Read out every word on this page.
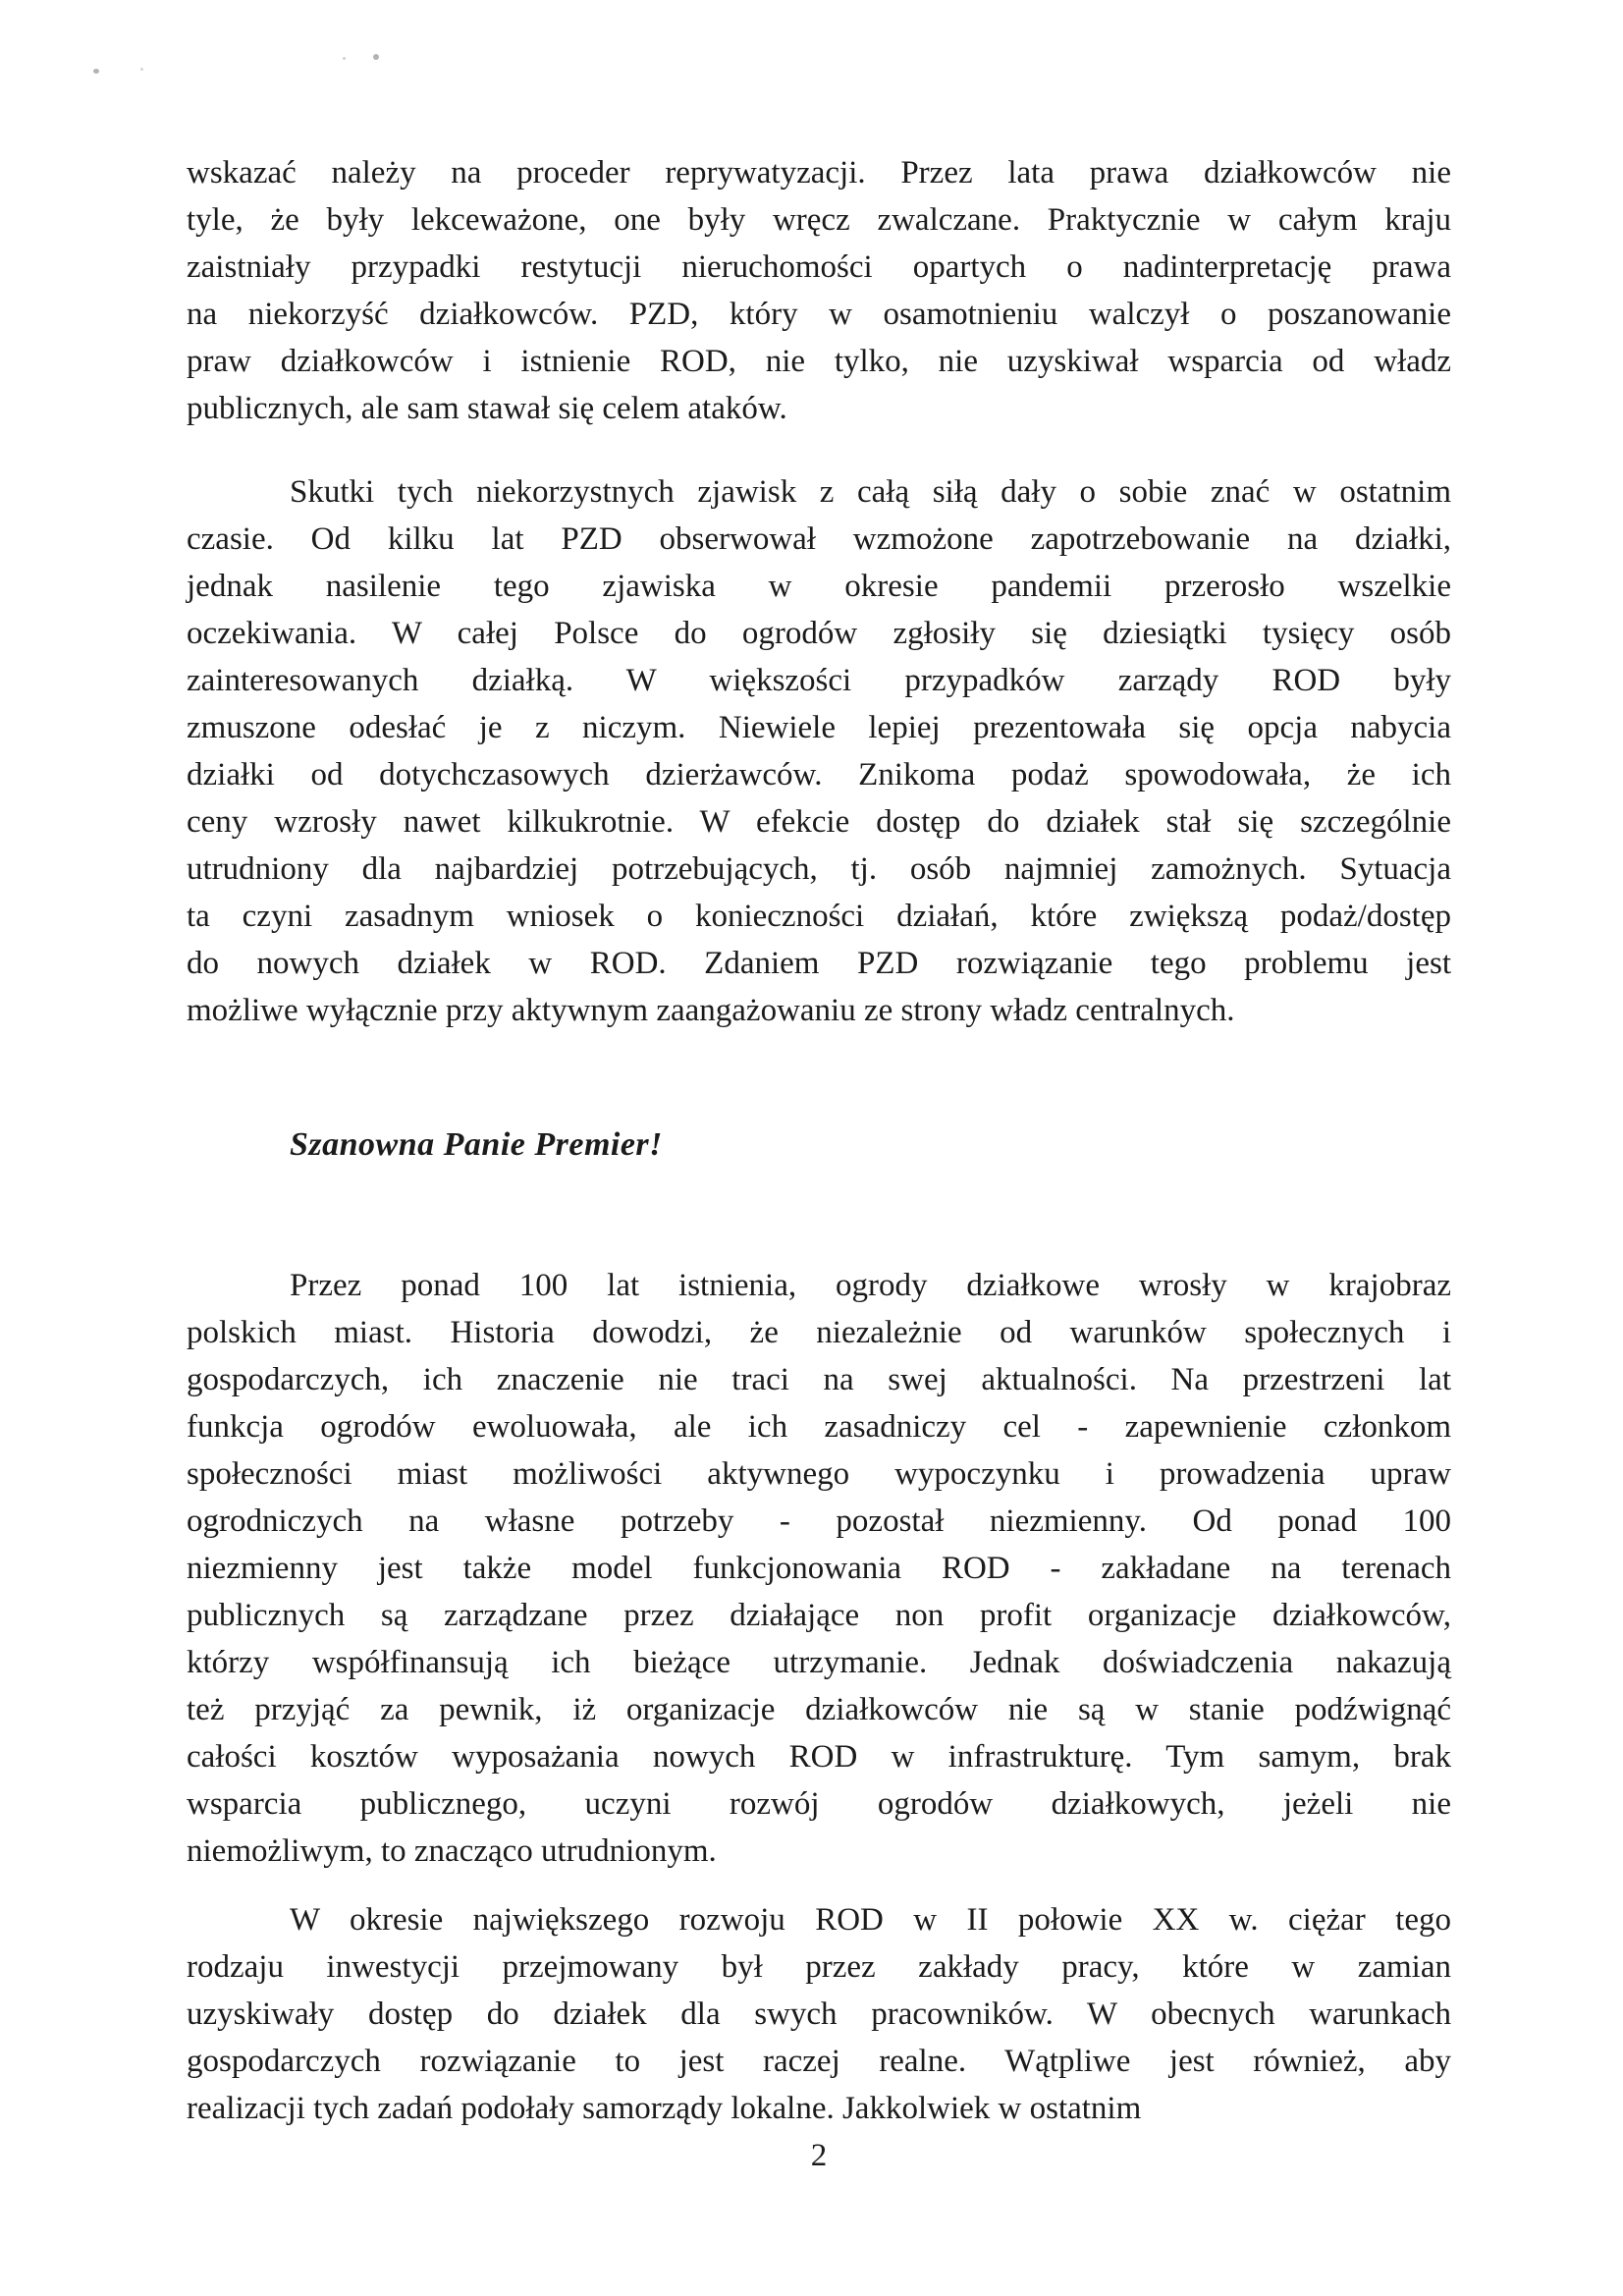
wskazać należy na proceder reprywatyzacji. Przez lata prawa działkowców nie
tyle, że były lekceważone, one były wręcz zwalczane. Praktycznie w całym kraju
zaistniały przypadki restytucji nieruchomości opartych o nadinterpretację prawa
na niekorzyść działkowców. PZD, który w osamotnieniu walczył o poszanowanie
praw działkowców i istnienie ROD, nie tylko, nie uzyskiwał wsparcia od władz
publicznych, ale sam stawał się celem ataków.
Skutki tych niekorzystnych zjawisk z całą siłą dały o sobie znać w ostatnim
czasie. Od kilku lat PZD obserwował wzmożone zapotrzebowanie na działki,
jednak nasilenie tego zjawiska w okresie pandemii przerosło wszelkie
oczekiwania. W całej Polsce do ogrodów zgłosiły się dziesiątki tysięcy osób
zainteresowanych działką. W większości przypadków zarządy ROD były
zmuszone odesłać je z niczym. Niewiele lepiej prezentowała się opcja nabycia
działki od dotychczasowych dzierżawców. Znikoma podaż spowodowała, że ich
ceny wzrosły nawet kilkukrotnie. W efekcie dostęp do działek stał się szczególnie
utrudniony dla najbardziej potrzebujących, tj. osób najmniej zamożnych. Sytuacja
ta czyni zasadnym wniosek o konieczności działań, które zwiększą podaż/dostęp
do nowych działek w ROD. Zdaniem PZD rozwiązanie tego problemu jest
możliwe wyłącznie przy aktywnym zaangażowaniu ze strony władz centralnych.
Szanowna Panie Premier!
Przez ponad 100 lat istnienia, ogrody działkowe wrosły w krajobraz
polskich miast. Historia dowodzi, że niezależnie od warunków społecznych i
gospodarczych, ich znaczenie nie traci na swej aktualności. Na przestrzeni lat
funkcja ogrodów ewoluowała, ale ich zasadniczy cel - zapewnienie członkom
społeczności miast możliwości aktywnego wypoczynku i prowadzenia upraw
ogrodniczych na własne potrzeby - pozostał niezmienny. Od ponad 100
niezmienny jest także model funkcjonowania ROD - zakładane na terenach
publicznych są zarządzane przez działające non profit organizacje działkowców,
którzy współfinansują ich bieżące utrzymanie. Jednak doświadczenia nakazują
też przyjąć za pewnik, iż organizacje działkowców nie są w stanie podźwignąć
całości kosztów wyposażania nowych ROD w infrastrukturę. Tym samym, brak
wsparcia publicznego, uczyni rozwój ogrodów działkowych, jeżeli nie
niemożliwym, to znacząco utrudnionym.
W okresie największego rozwoju ROD w II połowie XX w. ciężar tego
rodzaju inwestycji przejmowany był przez zakłady pracy, które w zamian
uzyskiwały dostęp do działek dla swych pracowników. W obecnych warunkach
gospodarczych rozwiązanie to jest raczej realne. Wątpliwe jest również, aby
realizacji tych zadań podołały samorządy lokalne. Jakkolwiek w ostatnim
2
